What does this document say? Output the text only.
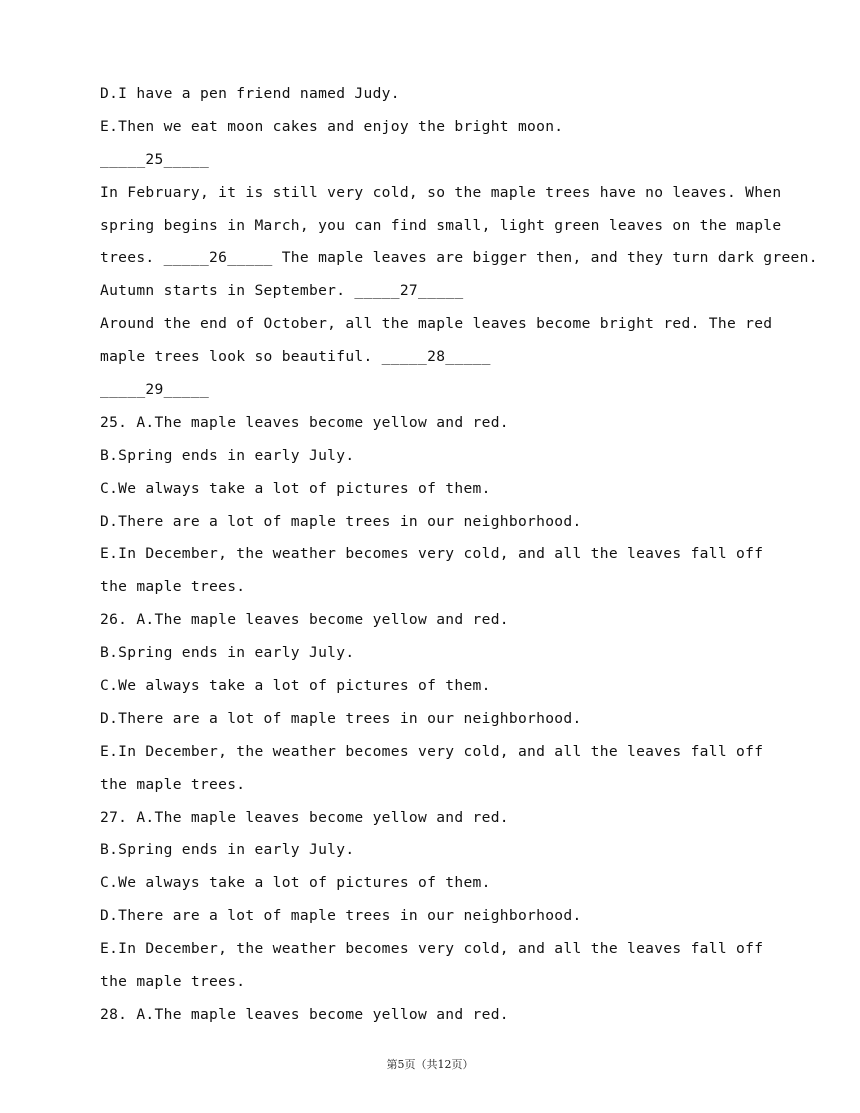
D.I have a pen friend named Judy.
E.Then we eat moon cakes and enjoy the bright moon.
_____25_____
In February, it is still very cold, so the maple trees have no leaves. When
spring begins in March, you can find small, light green leaves on the maple
trees. _____26_____ The maple leaves are bigger then, and they turn dark green.
Autumn starts in September. _____27_____
Around the end of October, all the maple leaves become bright red. The red
maple trees look so beautiful. _____28_____
_____29_____
25. A.The maple leaves become yellow and red.
B.Spring ends in early July.
C.We always take a lot of pictures of them.
D.There are a lot of maple trees in our neighborhood.
E.In December, the weather becomes very cold, and all the leaves fall off
the maple trees.
26. A.The maple leaves become yellow and red.
B.Spring ends in early July.
C.We always take a lot of pictures of them.
D.There are a lot of maple trees in our neighborhood.
E.In December, the weather becomes very cold, and all the leaves fall off
the maple trees.
27. A.The maple leaves become yellow and red.
B.Spring ends in early July.
C.We always take a lot of pictures of them.
D.There are a lot of maple trees in our neighborhood.
E.In December, the weather becomes very cold, and all the leaves fall off
the maple trees.
28. A.The maple leaves become yellow and red.
第5页（共12页）
